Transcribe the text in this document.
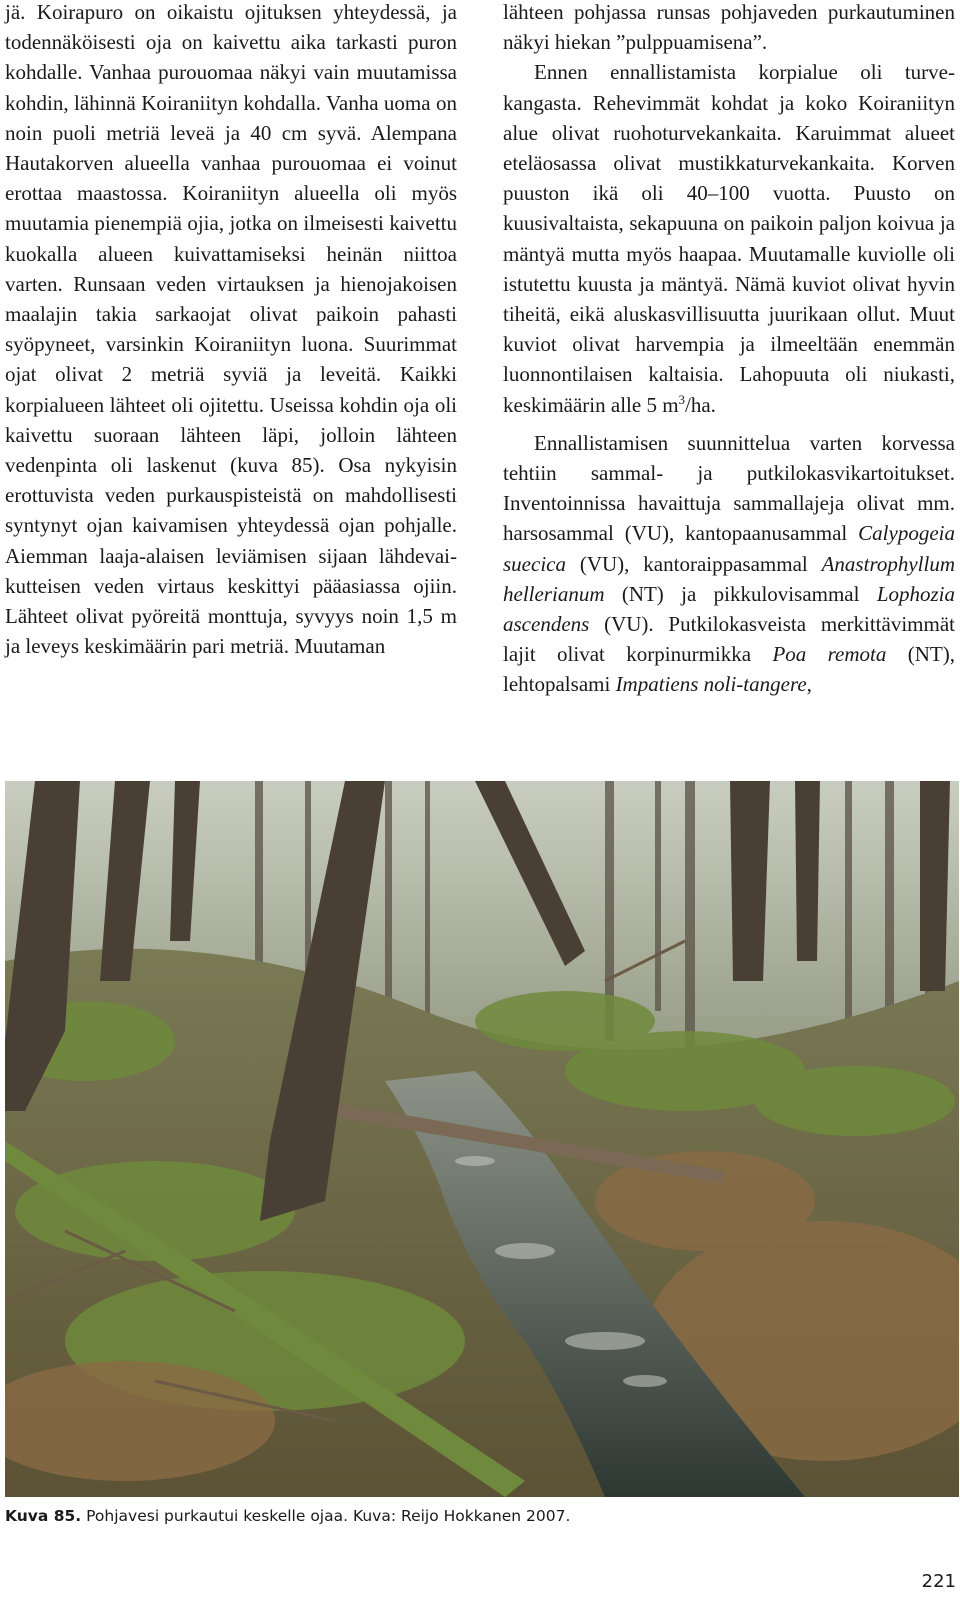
jä. Koirapuro on oikaistu ojituksen yhteydessä, ja todennäköisesti oja on kaivettu aika tarkasti puron kohdalle. Vanhaa purouomaa näkyi vain muutamissa kohdin, lähinnä Koiraniityn kohdalla. Vanha uoma on noin puoli metriä leveä ja 40 cm syvä. Alempana Hautakorven alueella vanhaa purouomaa ei voinut erottaa maastossa. Koiraniityn alueella oli myös muutamia pienempiä ojia, jotka on ilmeisesti kaivettu kuokalla alueen kuivattamiseksi heinän niittoa varten. Runsaan veden virtauksen ja hienojakoisen maalajin takia sarkaojat olivat paikoin pahasti syöpyneet, varsinkin Koiraniityn luona. Suurimmat ojat olivat 2 metriä syviä ja leveitä. Kaikki korpialueen lähteet oli ojitettu. Useissa kohdin oja oli kaivettu suoraan lähteen läpi, jolloin lähteen vedenpinta oli laskenut (kuva 85). Osa nykyisin erottuvista veden purkauspisteistä on mahdollisesti syntynyt ojan kaivamisen yhteydessä ojan pohjalle. Aiemman laaja-alaisen leviämisen sijaan lähdevaikutteisen veden virtaus keskittyi pääasiassa ojiin. Lähteet olivat pyöreitä monttuja, syvyys noin 1,5 m ja leveys keskimäärin pari metriä. Muutaman

lähteen pohjassa runsas pohjaveden purkautuminen näkyi hiekan ”pulppuamisena”.

Ennen ennallistamista korpialue oli turvekangasta. Rehevimmät kohdat ja koko Koiraniityn alue olivat ruohoturvekankaita. Karuimmat alueet eteläosassa olivat mustikkaturvekankaita. Korven puuston ikä oli 40–100 vuotta. Puusto on kuusivaltaista, sekapuuna on paikoin paljon koivua ja mäntyä mutta myös haapaa. Muutamalle kuviolle oli istutettu kuusta ja mäntyä. Nämä kuviot olivat hyvin tiheitä, eikä aluskasvillisuutta juurikaan ollut. Muut kuviot olivat harvempia ja ilmeeltään enemmän luonnontilaisen kaltaisia. Lahopuuta oli niukasti, keskimäärin alle 5 $m^3/ha$.

Ennallistamisen suunnittelua varten korvessa tehtiin sammal- ja putkilokasvikartoitukset. Inventoinnissa havaittuja sammallajeja olivat mm. harsosammal (VU), kantopaanusammal Calypogeia suecica (VU), kantoraippasammal Anastrophyllum hellerianum (NT) ja pikkulovisammal Lophozia ascendens (VU). Putkilokasveista merkittävimmät lajit olivat korpinurmikka Poa remota (NT), lehtopalsami Impatiens noli-tangere,

Kuva 85. Pohjavesi purkautui keskelle ojaa. Kuva: Reijo Hokkanen 2007.
221
